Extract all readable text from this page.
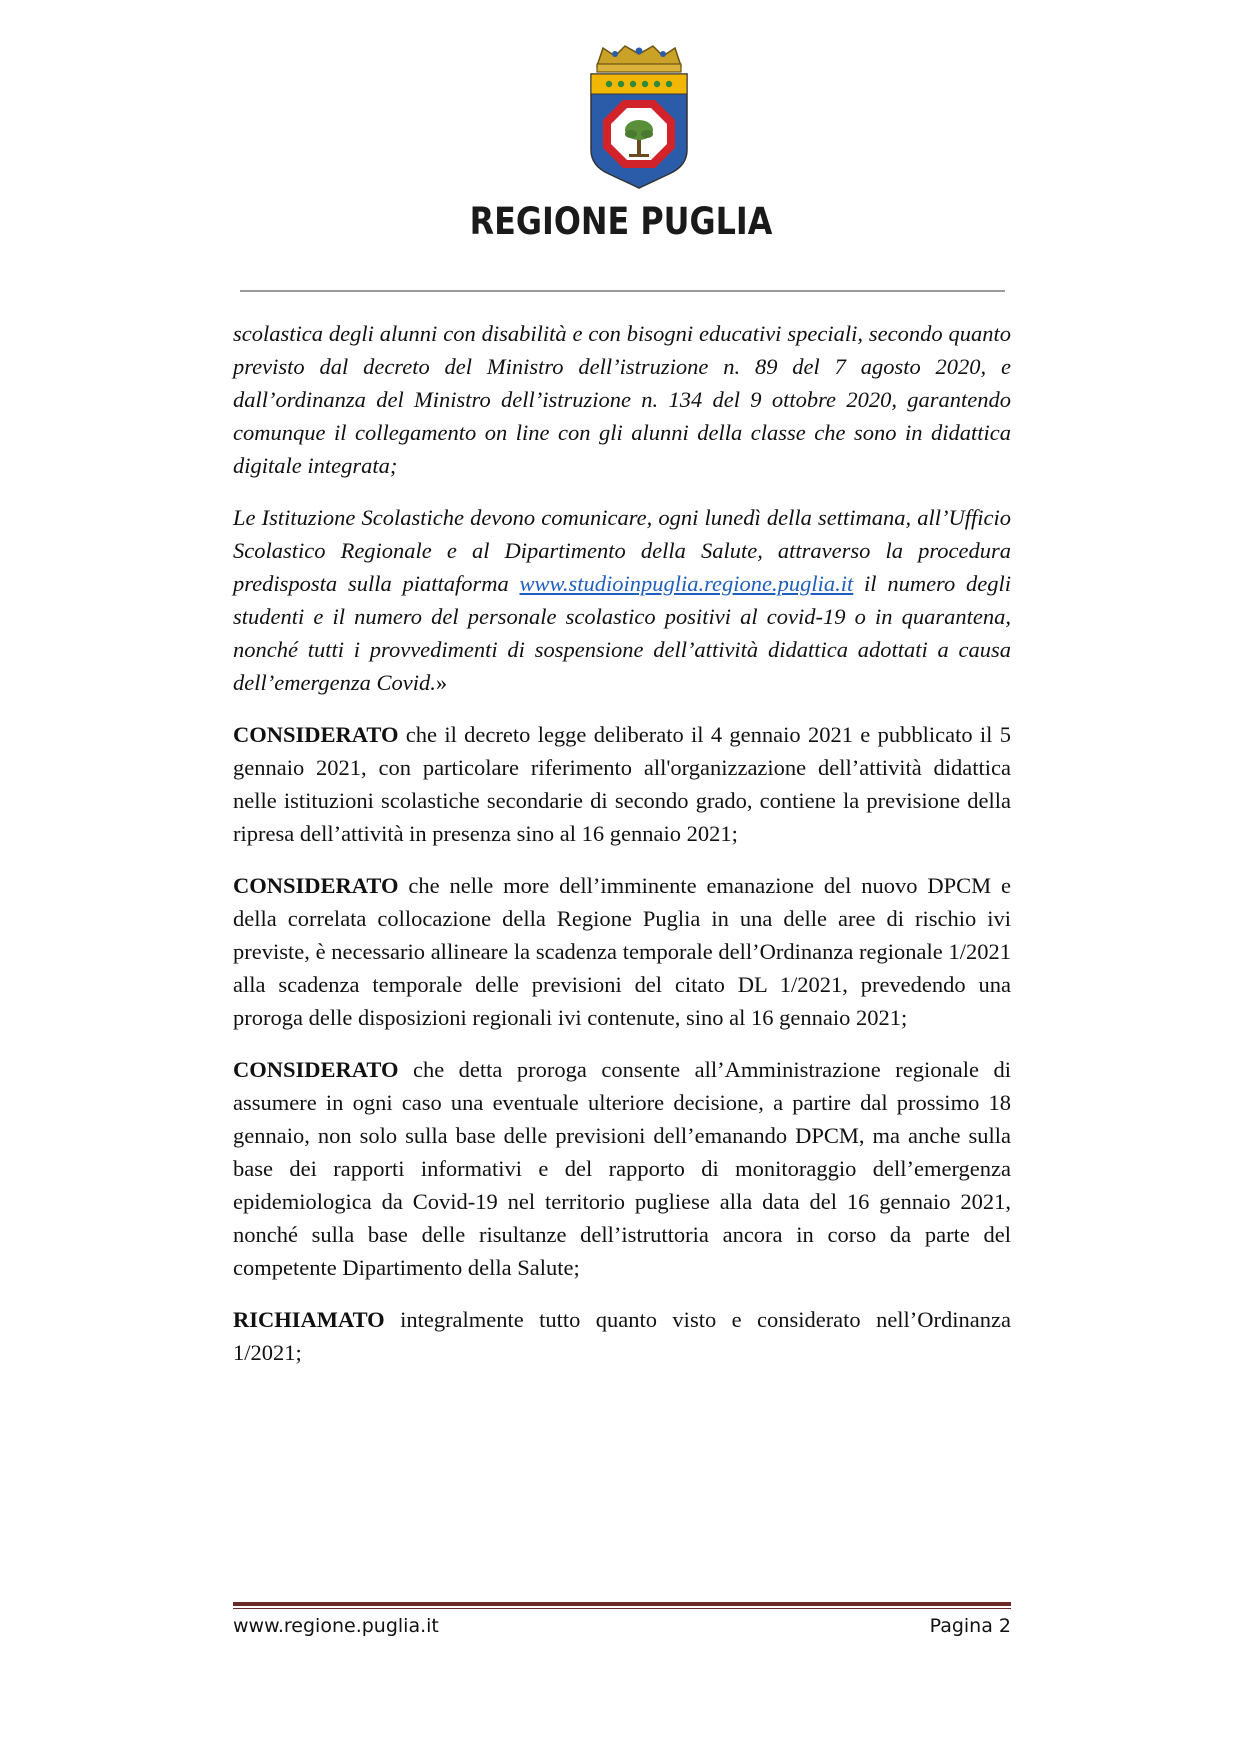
REGIONE PUGLIA

scolastica degli alunni con disabilità e con bisogni educativi speciali, secondo quanto previsto dal decreto del Ministro dell’istruzione n. 89 del 7 agosto 2020, e dall’ordinanza del Ministro dell’istruzione n. 134 del 9 ottobre 2020, garantendo comunque il collegamento on line con gli alunni della classe che sono in didattica digitale integrata;

Le Istituzione Scolastiche devono comunicare, ogni lunedì della settimana, all’Ufficio Scolastico Regionale e al Dipartimento della Salute, attraverso la procedura predisposta sulla piattaforma www.studioinpuglia.regione.puglia.it il numero degli studenti e il numero del personale scolastico positivi al covid-19 o in quarantena, nonché tutti i provvedimenti di sospensione dell’attività didattica adottati a causa dell’emergenza Covid.»

CONSIDERATO che il decreto legge deliberato il 4 gennaio 2021 e pubblicato il 5 gennaio 2021, con particolare riferimento all'organizzazione dell’attività didattica nelle istituzioni scolastiche secondarie di secondo grado, contiene la previsione della ripresa dell’attività in presenza sino al 16 gennaio 2021;

CONSIDERATO che nelle more dell’imminente emanazione del nuovo DPCM e della correlata collocazione della Regione Puglia in una delle aree di rischio ivi previste, è necessario allineare la scadenza temporale dell’Ordinanza regionale 1/2021 alla scadenza temporale delle previsioni del citato DL 1/2021, prevedendo una proroga delle disposizioni regionali ivi contenute, sino al 16 gennaio 2021;

CONSIDERATO che detta proroga consente all’Amministrazione regionale di assumere in ogni caso una eventuale ulteriore decisione, a partire dal prossimo 18 gennaio, non solo sulla base delle previsioni dell’emanando DPCM, ma anche sulla base dei rapporti informativi e del rapporto di monitoraggio dell’emergenza epidemiologica da Covid-19 nel territorio pugliese alla data del 16 gennaio 2021, nonché sulla base delle risultanze dell’istruttoria ancora in corso da parte del competente Dipartimento della Salute;

RICHIAMATO integralmente tutto quanto visto e considerato nell’Ordinanza 1/2021;

www.regione.puglia.it	Pagina 2
